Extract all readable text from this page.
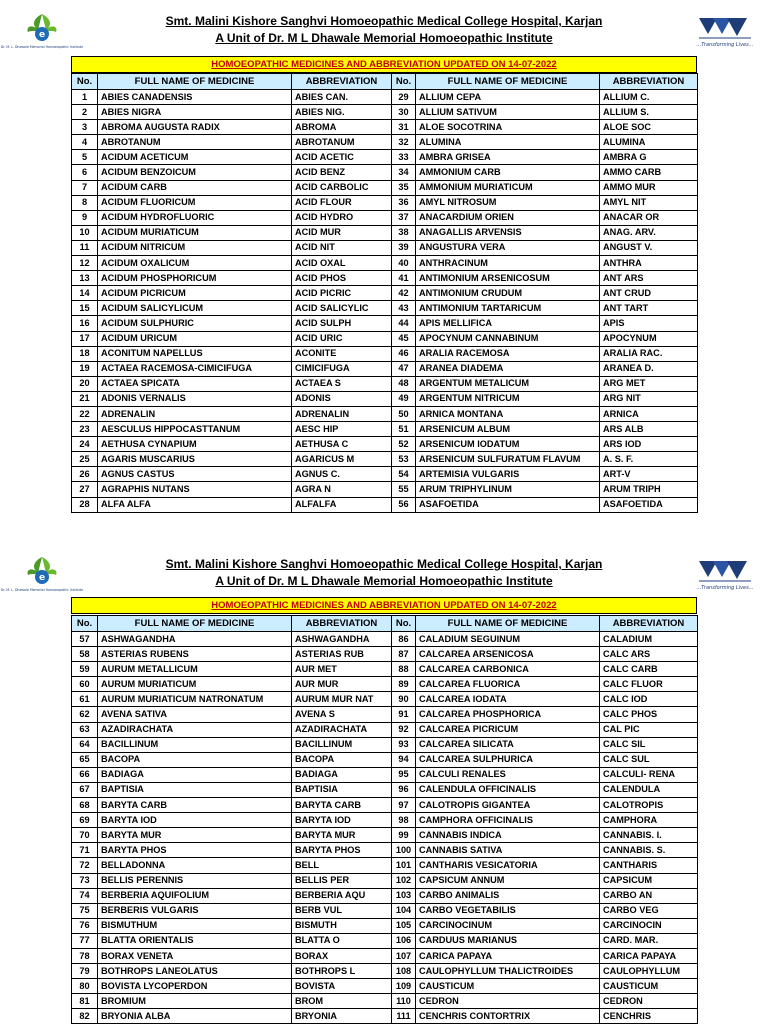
e
Dr. M. L. Dhawale Memorial Homoeopathic Institute
Smt. Malini Kishore Sanghvi Homoeopathic Medical College Hospital, Karjan
A Unit of Dr. M L Dhawale Memorial Homoeopathic Institute	...Transforming Lives...
HOMOEOPATHIC MEDICINES AND ABBREVIATION UPDATED ON 14-07-2022
No.	FULL NAME OF MEDICINE	ABBREVIATION	No.	FULL NAME OF MEDICINE	ABBREVIATION
1	ABIES CANADENSIS	ABIES CAN.	29	ALLIUM CEPA	ALLIUM C.
2	ABIES NIGRA	ABIES NIG.	30	ALLIUM SATIVUM	ALLIUM S.
3	ABROMA AUGUSTA RADIX	ABROMA	31	ALOE SOCOTRINA	ALOE SOC
4	ABROTANUM	ABROTANUM	32	ALUMINA	ALUMINA
5	ACIDUM ACETICUM	ACID ACETIC	33	AMBRA GRISEA	AMBRA G
6	ACIDUM BENZOICUM	ACID BENZ	34	AMMONIUM CARB	AMMO CARB
7	ACIDUM CARB	ACID CARBOLIC	35	AMMONIUM MURIATICUM	AMMO MUR
8	ACIDUM FLUORICUM	ACID FLOUR	36	AMYL NITROSUM	AMYL NIT
9	ACIDUM HYDROFLUORIC	ACID HYDRO	37	ANACARDIUM ORIEN	ANACAR OR
10	ACIDUM MURIATICUM	ACID MUR	38	ANAGALLIS ARVENSIS	ANAG. ARV.
11	ACIDUM NITRICUM	ACID NIT	39	ANGUSTURA VERA	ANGUST V.
12	ACIDUM OXALICUM	ACID OXAL	40	ANTHRACINUM	ANTHRA
13	ACIDUM PHOSPHORICUM	ACID PHOS	41	ANTIMONIUM ARSENICOSUM	ANT ARS
14	ACIDUM PICRICUM	ACID PICRIC	42	ANTIMONIUM CRUDUM	ANT CRUD
15	ACIDUM SALICYLICUM	ACID SALICYLIC	43	ANTIMONIUM TARTARICUM	ANT TART
16	ACIDUM SULPHURIC	ACID SULPH	44	APIS MELLIFICA	APIS
17	ACIDUM URICUM	ACID URIC	45	APOCYNUM CANNABINUM	APOCYNUM
18	ACONITUM NAPELLUS	ACONITE	46	ARALIA RACEMOSA	ARALIA RAC.
19	ACTAEA RACEMOSA-CIMICIFUGA	CIMICIFUGA	47	ARANEA DIADEMA	ARANEA D.
20	ACTAEA SPICATA	ACTAEA S	48	ARGENTUM METALICUM	ARG MET
21	ADONIS VERNALIS	ADONIS	49	ARGENTUM NITRICUM	ARG NIT
22	ADRENALIN	ADRENALIN	50	ARNICA MONTANA	ARNICA
23	AESCULUS HIPPOCASTTANUM	AESC HIP	51	ARSENICUM ALBUM	ARS ALB
24	AETHUSA CYNAPIUM	AETHUSA C	52	ARSENICUM IODATUM	ARS IOD
25	AGARIS MUSCARIUS	AGARICUS M	53	ARSENICUM SULFURATUM FLAVUM	A. S. F.
26	AGNUS CASTUS	AGNUS C.	54	ARTEMISIA VULGARIS	ART-V
27	AGRAPHIS NUTANS	AGRA N	55	ARUM TRIPHYLINUM	ARUM TRIPH
28	ALFA ALFA	ALFALFA	56	ASAFOETIDA	ASAFOETIDA
e
Dr. M. L. Dhawale Memorial Homoeopathic Institute
Smt. Malini Kishore Sanghvi Homoeopathic Medical College Hospital, Karjan
A Unit of Dr. M L Dhawale Memorial Homoeopathic Institute	...Transforming Lives...
HOMOEOPATHIC MEDICINES AND ABBREVIATION UPDATED ON 14-07-2022
No.	FULL NAME OF MEDICINE	ABBREVIATION	No.	FULL NAME OF MEDICINE	ABBREVIATION
57	ASHWAGANDHA	ASHWAGANDHA	86	CALADIUM SEGUINUM	CALADIUM
58	ASTERIAS RUBENS	ASTERIAS RUB	87	CALCAREA ARSENICOSA	CALC ARS
59	AURUM METALLICUM	AUR MET	88	CALCAREA CARBONICA	CALC CARB
60	AURUM MURIATICUM	AUR MUR	89	CALCAREA FLUORICA	CALC FLUOR
61	AURUM MURIATICUM NATRONATUM	AURUM MUR NAT	90	CALCAREA IODATA	CALC IOD
62	AVENA SATIVA	AVENA S	91	CALCAREA PHOSPHORICA	CALC PHOS
63	AZADIRACHATA	AZADIRACHATA	92	CALCAREA PICRICUM	CAL PIC
64	BACILLINUM	BACILLINUM	93	CALCAREA SILICATA	CALC SIL
65	BACOPA	BACOPA	94	CALCAREA SULPHURICA	CALC SUL
66	BADIAGA	BADIAGA	95	CALCULI RENALES	CALCULI- RENA
67	BAPTISIA	BAPTISIA	96	CALENDULA OFFICINALIS	CALENDULA
68	BARYTA CARB	BARYTA CARB	97	CALOTROPIS GIGANTEA	CALOTROPIS
69	BARYTA IOD	BARYTA IOD	98	CAMPHORA OFFICINALIS	CAMPHORA
70	BARYTA MUR	BARYTA MUR	99	CANNABIS INDICA	CANNABIS. I.
71	BARYTA PHOS	BARYTA PHOS	100	CANNABIS SATIVA	CANNABIS. S.
72	BELLADONNA	BELL	101	CANTHARIS VESICATORIA	CANTHARIS
73	BELLIS PERENNIS	BELLIS PER	102	CAPSICUM ANNUM	CAPSICUM
74	BERBERIA AQUIFOLIUM	BERBERIA AQU	103	CARBO ANIMALIS	CARBO AN
75	BERBERIS VULGARIS	BERB VUL	104	CARBO VEGETABILIS	CARBO VEG
76	BISMUTHUM	BISMUTH	105	CARCINOCINUM	CARCINOCIN
77	BLATTA ORIENTALIS	BLATTA O	106	CARDUUS MARIANUS	CARD. MAR.
78	BORAX VENETA	BORAX	107	CARICA PAPAYA	CARICA PAPAYA
79	BOTHROPS LANEOLATUS	BOTHROPS L	108	CAULOPHYLLUM THALICTROIDES	CAULOPHYLLUM
80	BOVISTA LYCOPERDON	BOVISTA	109	CAUSTICUM	CAUSTICUM
81	BROMIUM	BROM	110	CEDRON	CEDRON
82	BRYONIA ALBA	BRYONIA	111	CENCHRIS CONTORTRIX	CENCHRIS
